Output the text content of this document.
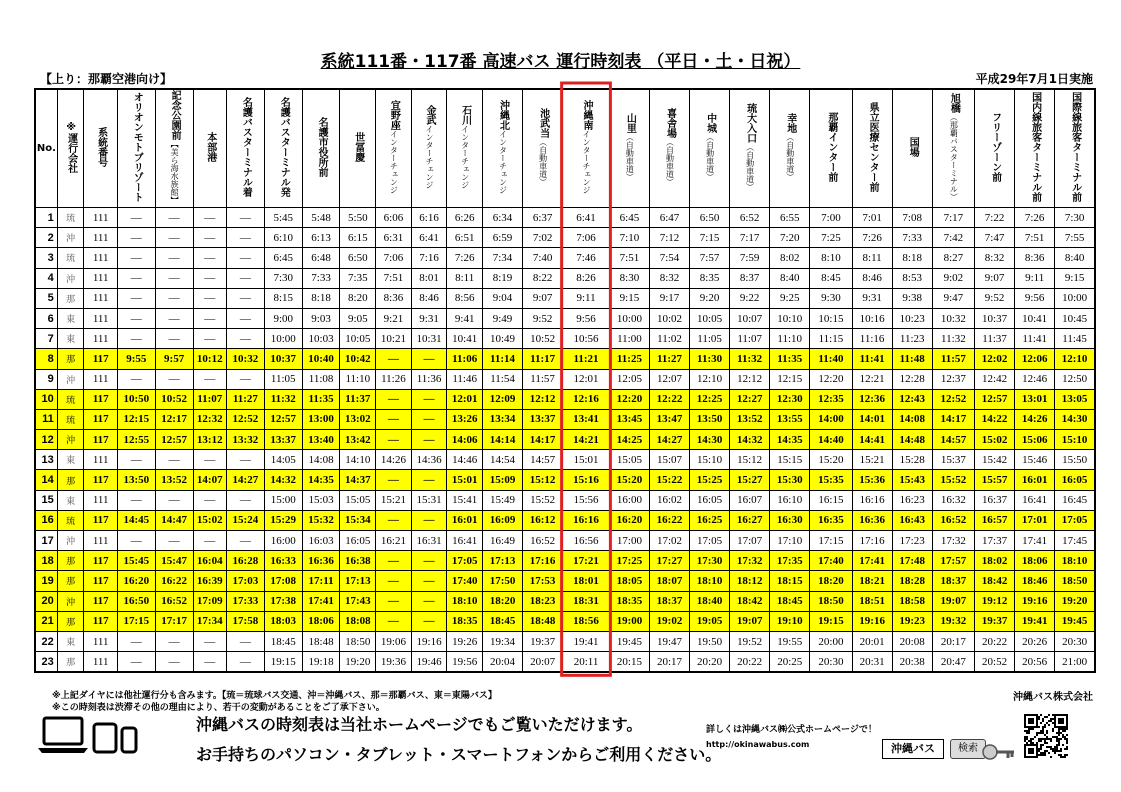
系統111番・117番 高速バス 運行時刻表 （平日・土・日祝）
【上り：那覇空港向け】	平成29年7月1日実施
No.	※運行会社	系統番号	オリオンモトブリゾート	記念公園前【美ら海水族館】	本部港	名護バスターミナル着	名護バスターミナル発	名護市役所前	世冨慶	宜野座インターチェンジ	金武インターチェンジ	石川インターチェンジ	沖縄北インターチェンジ	池武当（自動車道）	沖縄南インターチェンジ	山里（自動車道）	喜舎場（自動車道）	中城（自動車道）	琉大入口（自動車道）	幸地（自動車道）	那覇インター前	県立医療センター前	国場	旭橋（那覇バスターミナル）	フリーゾーン前	国内線旅客ターミナル前	国際線旅客ターミナル前
1	琉	111	—	—	—	—	5:45	5:48	5:50	6:06	6:16	6:26	6:34	6:37	6:41	6:45	6:47	6:50	6:52	6:55	7:00	7:01	7:08	7:17	7:22	7:26	7:30
2	沖	111	—	—	—	—	6:10	6:13	6:15	6:31	6:41	6:51	6:59	7:02	7:06	7:10	7:12	7:15	7:17	7:20	7:25	7:26	7:33	7:42	7:47	7:51	7:55
3	琉	111	—	—	—	—	6:45	6:48	6:50	7:06	7:16	7:26	7:34	7:40	7:46	7:51	7:54	7:57	7:59	8:02	8:10	8:11	8:18	8:27	8:32	8:36	8:40
4	沖	111	—	—	—	—	7:30	7:33	7:35	7:51	8:01	8:11	8:19	8:22	8:26	8:30	8:32	8:35	8:37	8:40	8:45	8:46	8:53	9:02	9:07	9:11	9:15
5	那	111	—	—	—	—	8:15	8:18	8:20	8:36	8:46	8:56	9:04	9:07	9:11	9:15	9:17	9:20	9:22	9:25	9:30	9:31	9:38	9:47	9:52	9:56	10:00
6	東	111	—	—	—	—	9:00	9:03	9:05	9:21	9:31	9:41	9:49	9:52	9:56	10:00	10:02	10:05	10:07	10:10	10:15	10:16	10:23	10:32	10:37	10:41	10:45
7	東	111	—	—	—	—	10:00	10:03	10:05	10:21	10:31	10:41	10:49	10:52	10:56	11:00	11:02	11:05	11:07	11:10	11:15	11:16	11:23	11:32	11:37	11:41	11:45
8	那	117	9:55	9:57	10:12	10:32	10:37	10:40	10:42	—	—	11:06	11:14	11:17	11:21	11:25	11:27	11:30	11:32	11:35	11:40	11:41	11:48	11:57	12:02	12:06	12:10
9	沖	111	—	—	—	—	11:05	11:08	11:10	11:26	11:36	11:46	11:54	11:57	12:01	12:05	12:07	12:10	12:12	12:15	12:20	12:21	12:28	12:37	12:42	12:46	12:50
10	琉	117	10:50	10:52	11:07	11:27	11:32	11:35	11:37	—	—	12:01	12:09	12:12	12:16	12:20	12:22	12:25	12:27	12:30	12:35	12:36	12:43	12:52	12:57	13:01	13:05
11	琉	117	12:15	12:17	12:32	12:52	12:57	13:00	13:02	—	—	13:26	13:34	13:37	13:41	13:45	13:47	13:50	13:52	13:55	14:00	14:01	14:08	14:17	14:22	14:26	14:30
12	沖	117	12:55	12:57	13:12	13:32	13:37	13:40	13:42	—	—	14:06	14:14	14:17	14:21	14:25	14:27	14:30	14:32	14:35	14:40	14:41	14:48	14:57	15:02	15:06	15:10
13	東	111	—	—	—	—	14:05	14:08	14:10	14:26	14:36	14:46	14:54	14:57	15:01	15:05	15:07	15:10	15:12	15:15	15:20	15:21	15:28	15:37	15:42	15:46	15:50
14	那	117	13:50	13:52	14:07	14:27	14:32	14:35	14:37	—	—	15:01	15:09	15:12	15:16	15:20	15:22	15:25	15:27	15:30	15:35	15:36	15:43	15:52	15:57	16:01	16:05
15	東	111	—	—	—	—	15:00	15:03	15:05	15:21	15:31	15:41	15:49	15:52	15:56	16:00	16:02	16:05	16:07	16:10	16:15	16:16	16:23	16:32	16:37	16:41	16:45
16	琉	117	14:45	14:47	15:02	15:24	15:29	15:32	15:34	—	—	16:01	16:09	16:12	16:16	16:20	16:22	16:25	16:27	16:30	16:35	16:36	16:43	16:52	16:57	17:01	17:05
17	沖	111	—	—	—	—	16:00	16:03	16:05	16:21	16:31	16:41	16:49	16:52	16:56	17:00	17:02	17:05	17:07	17:10	17:15	17:16	17:23	17:32	17:37	17:41	17:45
18	那	117	15:45	15:47	16:04	16:28	16:33	16:36	16:38	—	—	17:05	17:13	17:16	17:21	17:25	17:27	17:30	17:32	17:35	17:40	17:41	17:48	17:57	18:02	18:06	18:10
19	那	117	16:20	16:22	16:39	17:03	17:08	17:11	17:13	—	—	17:40	17:50	17:53	18:01	18:05	18:07	18:10	18:12	18:15	18:20	18:21	18:28	18:37	18:42	18:46	18:50
20	沖	117	16:50	16:52	17:09	17:33	17:38	17:41	17:43	—	—	18:10	18:20	18:23	18:31	18:35	18:37	18:40	18:42	18:45	18:50	18:51	18:58	19:07	19:12	19:16	19:20
21	那	117	17:15	17:17	17:34	17:58	18:03	18:06	18:08	—	—	18:35	18:45	18:48	18:56	19:00	19:02	19:05	19:07	19:10	19:15	19:16	19:23	19:32	19:37	19:41	19:45
22	東	111	—	—	—	—	18:45	18:48	18:50	19:06	19:16	19:26	19:34	19:37	19:41	19:45	19:47	19:50	19:52	19:55	20:00	20:01	20:08	20:17	20:22	20:26	20:30
23	那	111	—	—	—	—	19:15	19:18	19:20	19:36	19:46	19:56	20:04	20:07	20:11	20:15	20:17	20:20	20:22	20:25	20:30	20:31	20:38	20:47	20:52	20:56	21:00
※上記ダイヤには他社運行分も含みます。【琉＝琉球バス交通、沖＝沖縄バス、那＝那覇バス、東＝東陽バス】
※この時刻表は渋滞その他の理由により、若干の変動があることをご了承下さい。
沖縄バス株式会社
沖縄バスの時刻表は当社ホームページでもご覧いただけます。
お手持ちのパソコン・タブレット・スマートフォンからご利用ください。
詳しくは沖縄バス㈱公式ホームページで！
http://okinawabus.com	沖縄バス	検索
